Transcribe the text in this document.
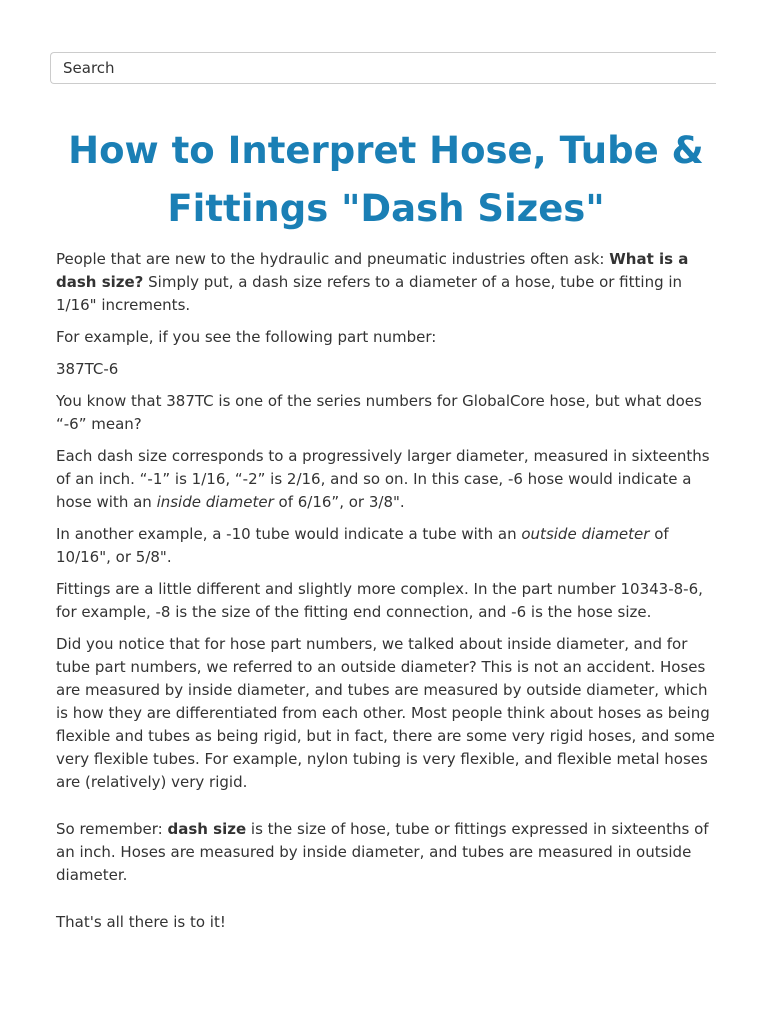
Search
How to Interpret Hose, Tube & Fittings "Dash Sizes"

People that are new to the hydraulic and pneumatic industries often ask: What is a dash size? Simply put, a dash size refers to a diameter of a hose, tube or fitting in 1/16" increments.

For example, if you see the following part number:

387TC-6

You know that 387TC is one of the series numbers for GlobalCore hose, but what does “-6” mean?

Each dash size corresponds to a progressively larger diameter, measured in sixteenths of an inch. “-1” is 1/16, “-2” is 2/16, and so on. In this case, -6 hose would indicate a hose with an inside diameter of 6/16”, or 3/8".

In another example, a -10 tube would indicate a tube with an outside diameter of 10/16", or 5/8".

Fittings are a little different and slightly more complex. In the part number 10343-8-6, for example, -8 is the size of the fitting end connection, and -6 is the hose size.

Did you notice that for hose part numbers, we talked about inside diameter, and for tube part numbers, we referred to an outside diameter? This is not an accident. Hoses are measured by inside diameter, and tubes are measured by outside diameter, which is how they are differentiated from each other. Most people think about hoses as being flexible and tubes as being rigid, but in fact, there are some very rigid hoses, and some very flexible tubes. For example, nylon tubing is very flexible, and flexible metal hoses are (relatively) very rigid.

So remember: dash size is the size of hose, tube or fittings expressed in sixteenths of an inch. Hoses are measured by inside diameter, and tubes are measured in outside diameter.

That's all there is to it!
